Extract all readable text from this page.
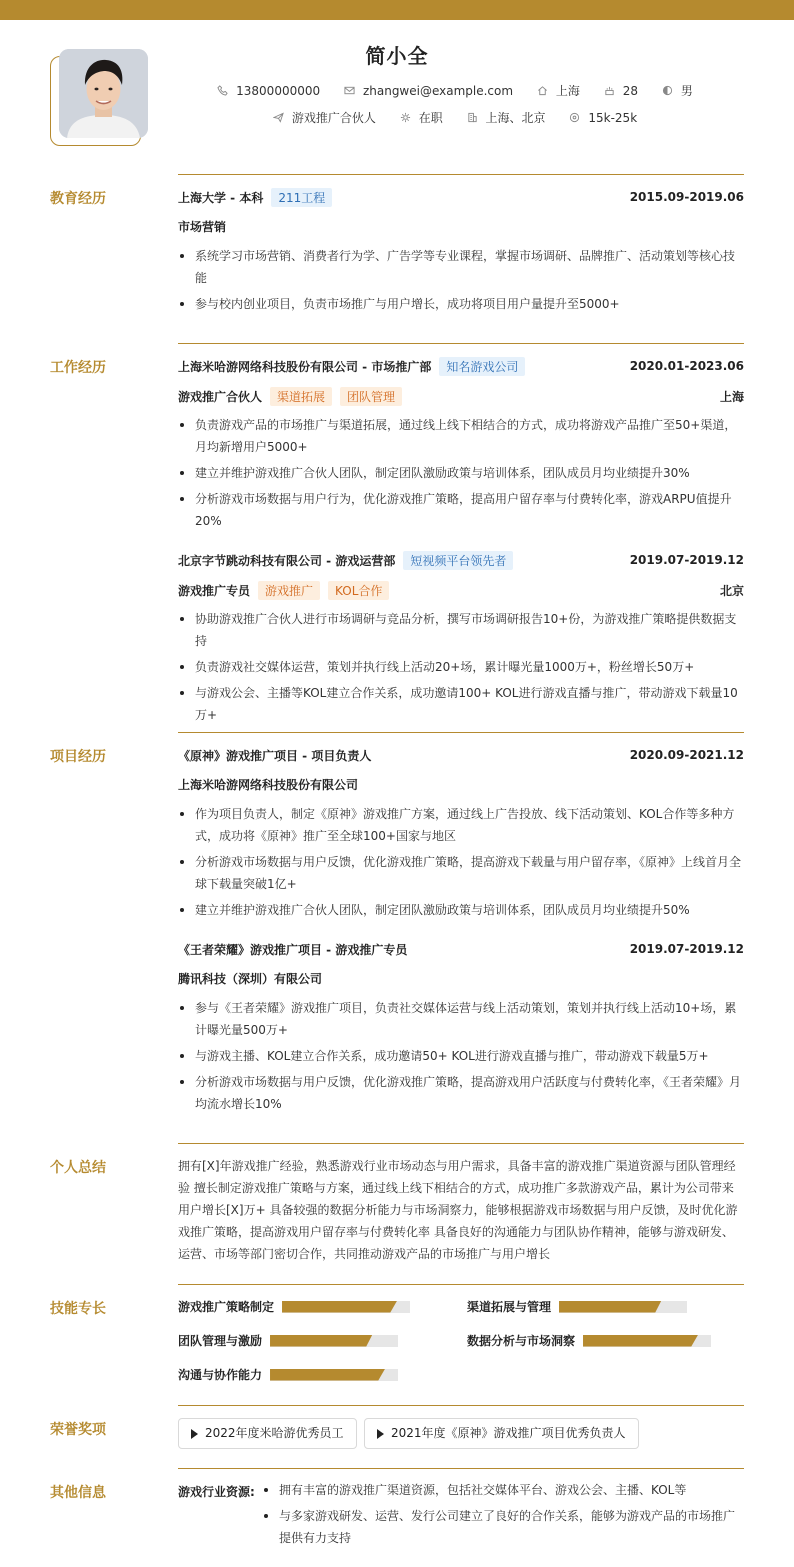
简小全
13800000000	zhangwei@example.com	上海	28	男
游戏推广合伙人	在职	上海、北京	15k-25k
教育经历	上海大学 - 本科	211工程	2015.09-2019.06
市场营销
系统学习市场营销、消费者行为学、广告学等专业课程，掌握市场调研、品牌推广、活动策划等核心技能
参与校内创业项目，负责市场推广与用户增长，成功将项目用户量提升至5000+
工作经历	上海米哈游网络科技股份有限公司 - 市场推广部	知名游戏公司	2020.01-2023.06
游戏推广合伙人	渠道拓展	团队管理	上海
负责游戏产品的市场推广与渠道拓展，通过线上线下相结合的方式，成功将游戏产品推广至50+渠道，月均新增用户5000+
建立并维护游戏推广合伙人团队，制定团队激励政策与培训体系，团队成员月均业绩提升30%
分析游戏市场数据与用户行为，优化游戏推广策略，提高用户留存率与付费转化率，游戏ARPU值提升20%
北京字节跳动科技有限公司 - 游戏运营部	短视频平台领先者	2019.07-2019.12
游戏推广专员	游戏推广	KOL合作	北京
协助游戏推广合伙人进行市场调研与竞品分析，撰写市场调研报告10+份，为游戏推广策略提供数据支持
负责游戏社交媒体运营，策划并执行线上活动20+场，累计曝光量1000万+，粉丝增长50万+
与游戏公会、主播等KOL建立合作关系，成功邀请100+ KOL进行游戏直播与推广，带动游戏下载量10万+
项目经历	《原神》游戏推广项目 - 项目负责人	2020.09-2021.12
上海米哈游网络科技股份有限公司
作为项目负责人，制定《原神》游戏推广方案，通过线上广告投放、线下活动策划、KOL合作等多种方式，成功将《原神》推广至全球100+国家与地区
分析游戏市场数据与用户反馈，优化游戏推广策略，提高游戏下载量与用户留存率，《原神》上线首月全球下载量突破1亿+
建立并维护游戏推广合伙人团队，制定团队激励政策与培训体系，团队成员月均业绩提升50%
《王者荣耀》游戏推广项目 - 游戏推广专员	2019.07-2019.12
腾讯科技（深圳）有限公司
参与《王者荣耀》游戏推广项目，负责社交媒体运营与线上活动策划，策划并执行线上活动10+场，累计曝光量500万+
与游戏主播、KOL建立合作关系，成功邀请50+ KOL进行游戏直播与推广，带动游戏下载量5万+
分析游戏市场数据与用户反馈，优化游戏推广策略，提高游戏用户活跃度与付费转化率，《王者荣耀》月均流水增长10%
个人总结	拥有[X]年游戏推广经验，熟悉游戏行业市场动态与用户需求，具备丰富的游戏推广渠道资源与团队管理经验 擅长制定游戏推广策略与方案，通过线上线下相结合的方式，成功推广多款游戏产品，累计为公司带来用户增长[X]万+ 具备较强的数据分析能力与市场洞察力，能够根据游戏市场数据与用户反馈，及时优化游戏推广策略，提高游戏用户留存率与付费转化率 具备良好的沟通能力与团队协作精神，能够与游戏研发、运营、市场等部门密切合作，共同推动游戏产品的市场推广与用户增长
技能专长	游戏推广策略制定	渠道拓展与管理
团队管理与激励	数据分析与市场洞察
沟通与协作能力
荣誉奖项	2022年度米哈游优秀员工	2021年度《原神》游戏推广项目优秀负责人
其他信息	游戏行业资源:	拥有丰富的游戏推广渠道资源，包括社交媒体平台、游戏公会、主播、KOL等
与多家游戏研发、运营、发行公司建立了良好的合作关系，能够为游戏产品的市场推广提供有力支持
